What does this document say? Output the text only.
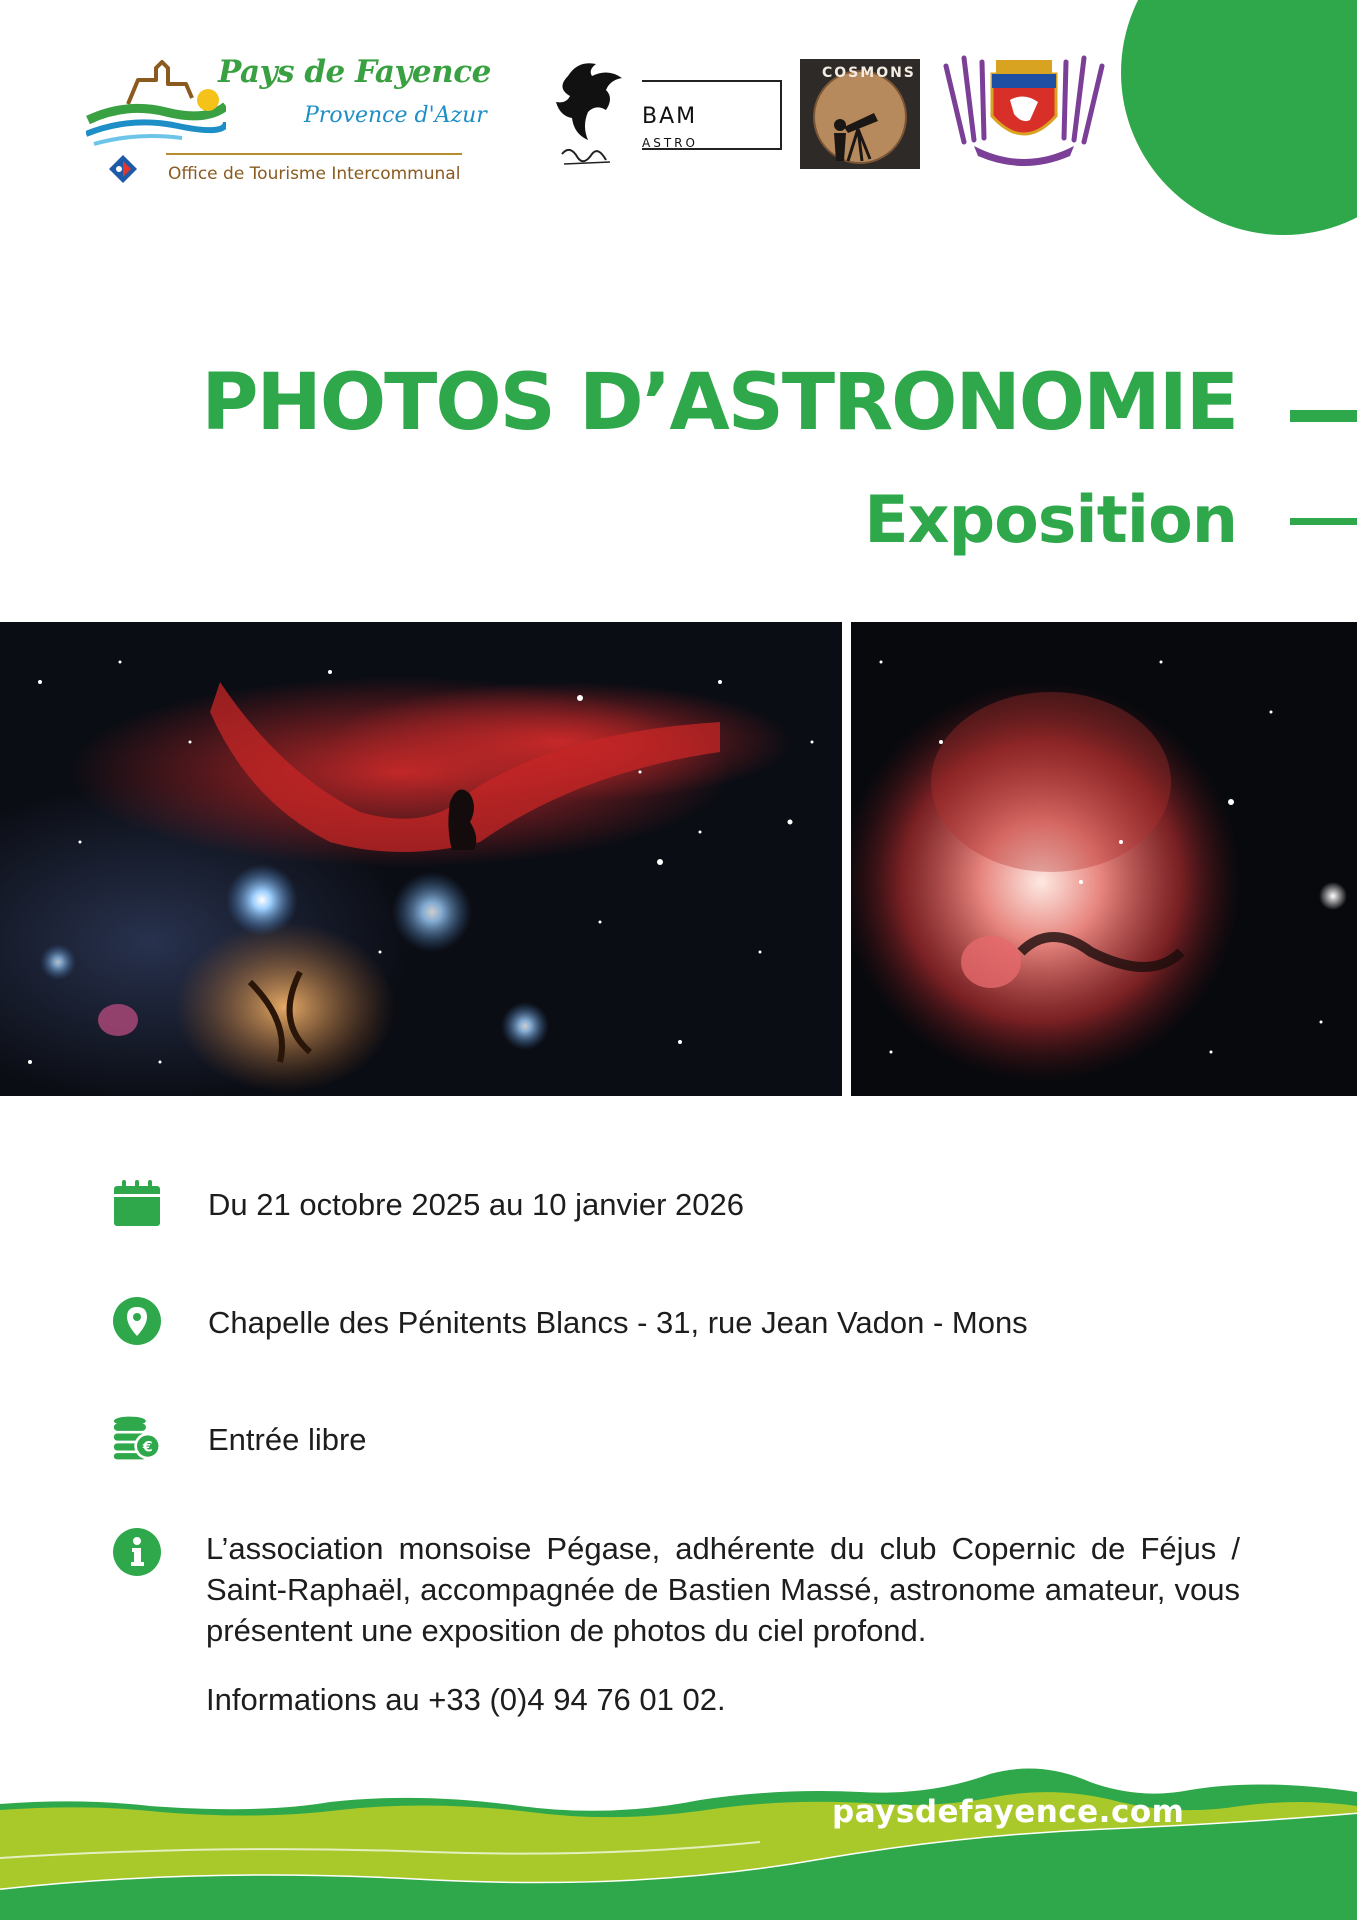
Pays de Fayence
Provence d'Azur
Office de Tourisme Intercommunal
BAM
ASTRO
COSMONS
PHOTOS D’ASTRONOMIE
Exposition
Du 21 octobre 2025 au 10 janvier 2026
Chapelle des Pénitents Blancs - 31, rue Jean Vadon - Mons
€ Entrée libre

L’association monsoise Pégase, adhérente du club Copernic de Féjus / Saint-Raphaël, accompagnée de Bastien Massé, astronome amateur, vous présentent une exposition de photos du ciel profond.

Informations au +33 (0)4 94 76 01 02.
paysdefayence.com
